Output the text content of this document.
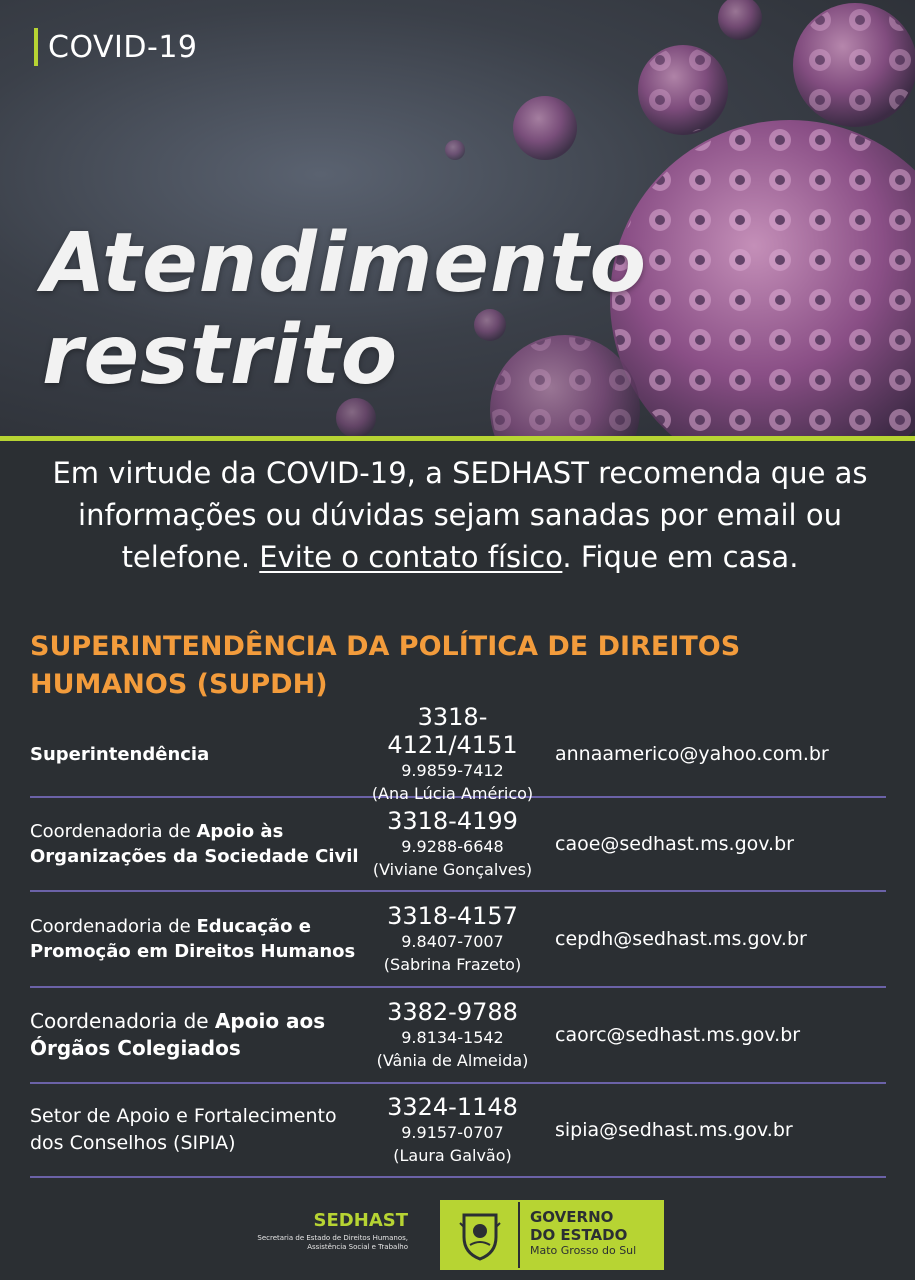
COVID-19
Atendimento
restrito
Em virtude da COVID-19, a SEDHAST recomenda que as informações ou dúvidas sejam sanadas por email ou telefone. Evite o contato físico. Fique em casa.
SUPERINTENDÊNCIA DA POLÍTICA DE DIREITOS HUMANOS (SUPDH)
Superintendência
3318-4121/4151
9.9859-7412
(Ana Lúcia Américo)
annaamerico@yahoo.com.br
Coordenadoria de Apoio às Organizações da Sociedade Civil
3318-4199
9.9288-6648
(Viviane Gonçalves)
caoe@sedhast.ms.gov.br
Coordenadoria de Educação e Promoção em Direitos Humanos
3318-4157
9.8407-7007
(Sabrina Frazeto)
cepdh@sedhast.ms.gov.br
Coordenadoria de Apoio aos Órgãos Colegiados
3382-9788
9.8134-1542
(Vânia de Almeida)
caorc@sedhast.ms.gov.br
Setor de Apoio e Fortalecimento dos Conselhos (SIPIA)
3324-1148
9.9157-0707
(Laura Galvão)
sipia@sedhast.ms.gov.br
SEDHAST
Secretaria de Estado de Direitos Humanos,
Assistência Social e Trabalho
GOVERNO
DO ESTADO
Mato Grosso do Sul
